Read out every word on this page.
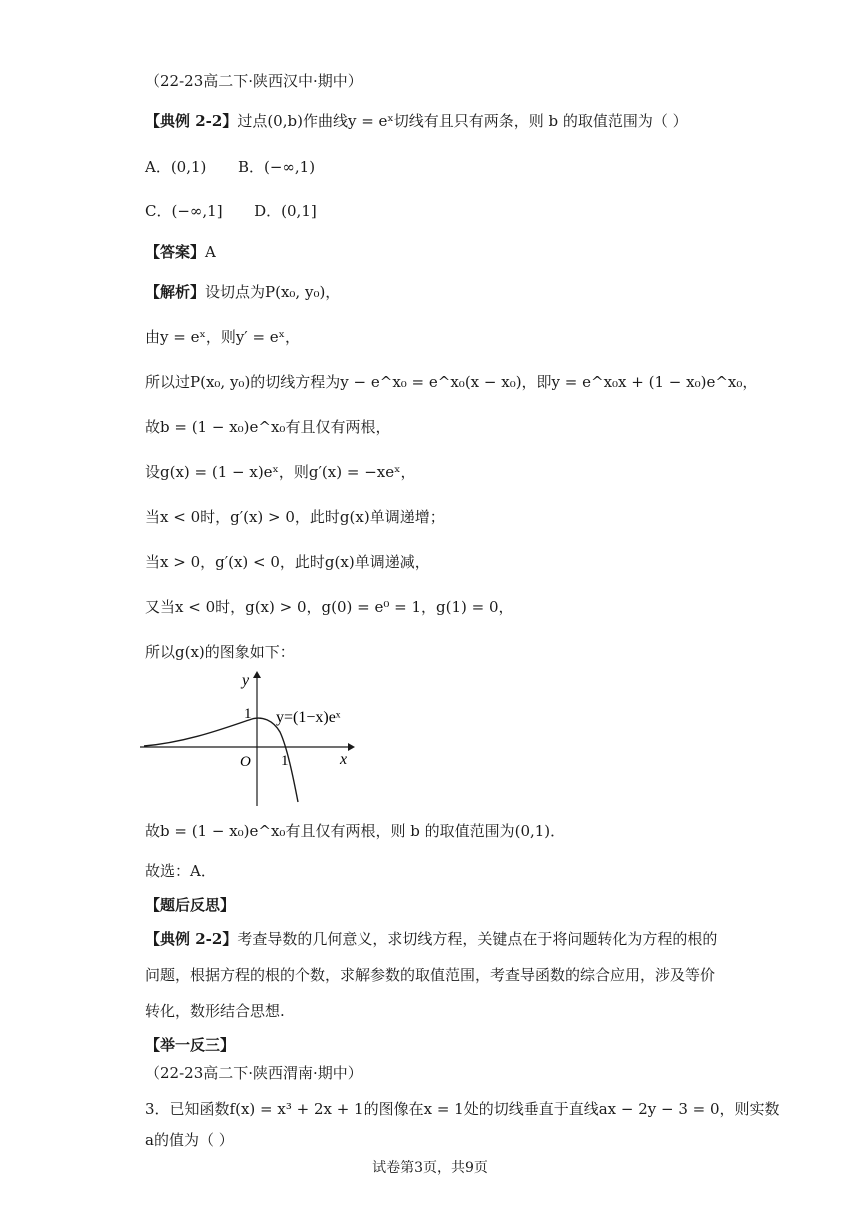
（22-23高二下·陕西汉中·期中）
【典例 2-2】过点(0,b)作曲线y = eˣ切线有且只有两条，则 b 的取值范围为（ ）
A．(0,1) B．(−∞,1)
C．(−∞,1] D．(0,1]
【答案】A
【解析】设切点为P(x₀, y₀)，
由y = eˣ，则y′ = eˣ，
所以过P(x₀, y₀)的切线方程为y − e^x₀ = e^x₀(x − x₀)，即y = e^x₀x + (1 − x₀)e^x₀，
故b = (1 − x₀)e^x₀有且仅有两根，
设g(x) = (1 − x)eˣ，则g′(x) = −xeˣ，
当x < 0时，g′(x) > 0，此时g(x)单调递增；
当x > 0，g′(x) < 0，此时g(x)单调递减，
又当x < 0时，g(x) > 0，g(0) = e⁰ = 1，g(1) = 0，
所以g(x)的图象如下：
y
1
x
O 1
y=(1−x)eˣ
故b = (1 − x₀)e^x₀有且仅有两根，则 b 的取值范围为(0,1)．
故选：A．
【题后反思】
【典例 2-2】考查导数的几何意义，求切线方程，关键点在于将问题转化为方程的根的
问题，根据方程的根的个数，求解参数的取值范围，考查导函数的综合应用，涉及等价
转化，数形结合思想.
【举一反三】
（22-23高二下·陕西渭南·期中）
3．已知函数f(x) = x³ + 2x + 1的图像在x = 1处的切线垂直于直线ax − 2y − 3 = 0，则实数
a的值为（ ）
试卷第3页，共9页
